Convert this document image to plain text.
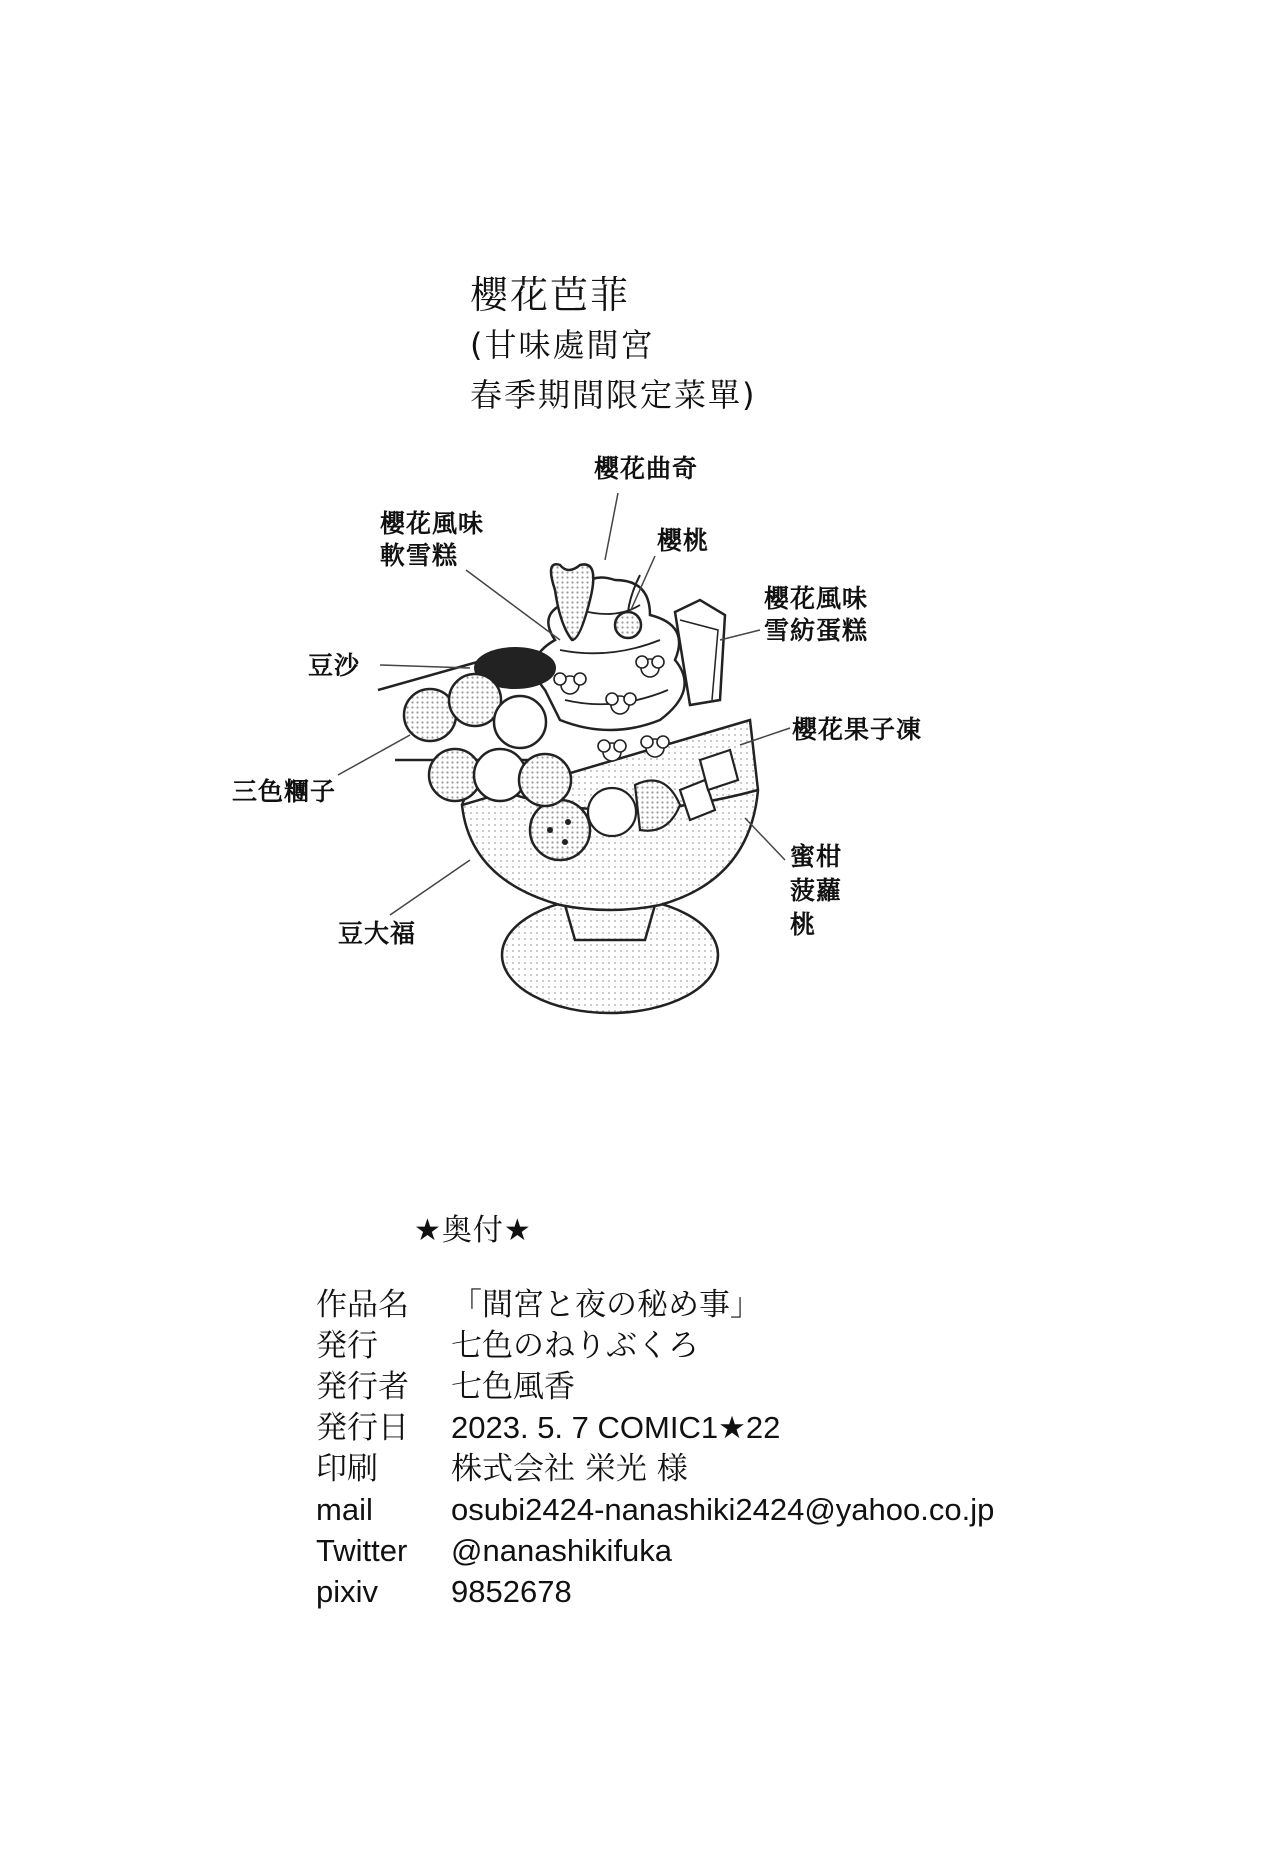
櫻花芭菲
(甘味處間宮
春季期間限定菜單)
櫻花曲奇
櫻花風味
軟雪糕
櫻桃
櫻花風味
雪紡蛋糕
豆沙
櫻花果子凍
三色糰子
蜜柑
菠蘿
桃
豆大福
★奥付★
作品名 「間宮と夜の秘め事」
発行 七色のねりぶくろ
発行者 七色風香
発行日 2023. 5. 7 COMIC1★22
印刷 株式会社 栄光 様
mail	osubi2424-nanashiki2424@yahoo.co.jp
Twitter @nanashikifuka
pixiv 9852678
